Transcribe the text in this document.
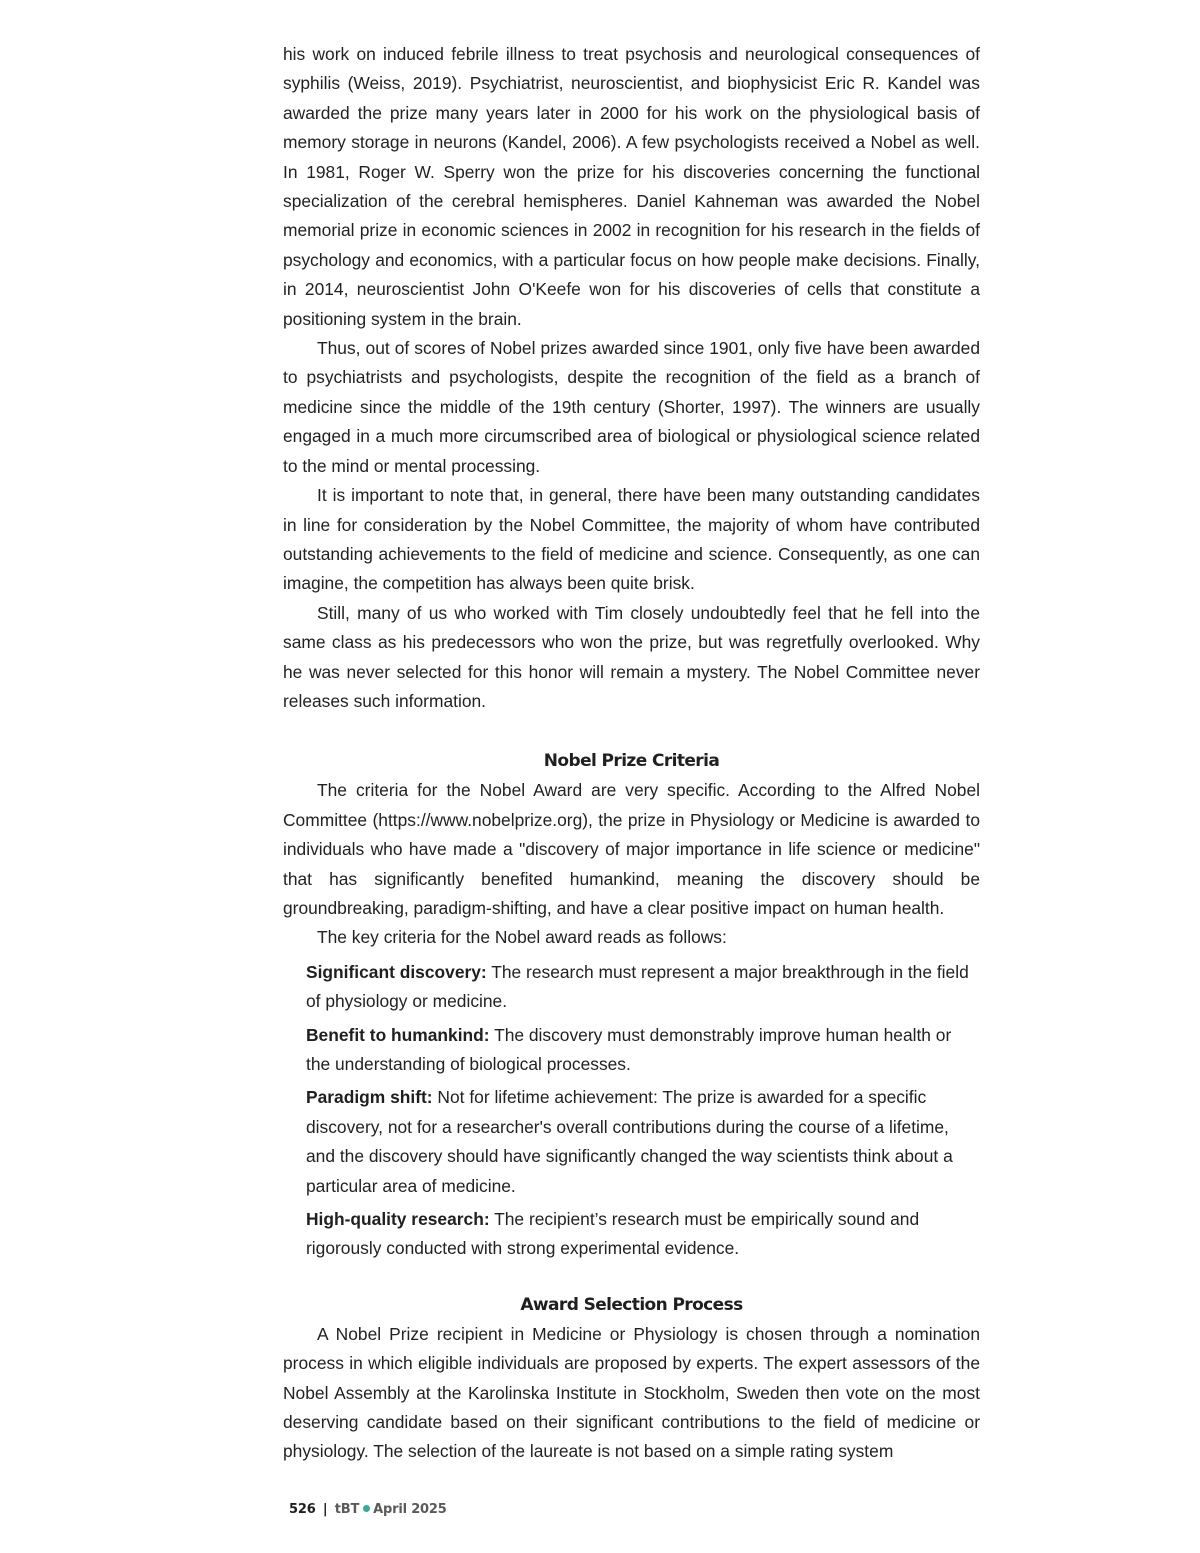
his work on induced febrile illness to treat psychosis and neurological consequences of syphilis (Weiss, 2019). Psychiatrist, neuroscientist, and biophysicist Eric R. Kandel was awarded the prize many years later in 2000 for his work on the physiological basis of memory storage in neurons (Kandel, 2006). A few psychologists received a Nobel as well. In 1981, Roger W. Sperry won the prize for his discoveries concerning the functional specialization of the cerebral hemispheres. Daniel Kahneman was awarded the Nobel memorial prize in economic sciences in 2002 in recognition for his research in the fields of psychology and economics, with a particular focus on how people make decisions. Finally, in 2014, neuroscientist John O'Keefe won for his discoveries of cells that constitute a positioning system in the brain.

Thus, out of scores of Nobel prizes awarded since 1901, only five have been awarded to psychiatrists and psychologists, despite the recognition of the field as a branch of medicine since the middle of the 19th century (Shorter, 1997). The winners are usually engaged in a much more circumscribed area of biological or physiological science related to the mind or mental processing.

It is important to note that, in general, there have been many outstanding candidates in line for consideration by the Nobel Committee, the majority of whom have contributed outstanding achievements to the field of medicine and science. Consequently, as one can imagine, the competition has always been quite brisk.

Still, many of us who worked with Tim closely undoubtedly feel that he fell into the same class as his predecessors who won the prize, but was regretfully overlooked. Why he was never selected for this honor will remain a mystery. The Nobel Committee never releases such information.

Nobel Prize Criteria

The criteria for the Nobel Award are very specific. According to the Alfred Nobel Committee (https://www.nobelprize.org), the prize in Physiology or Medicine is awarded to individuals who have made a "discovery of major importance in life science or medicine" that has significantly benefited humankind, meaning the discovery should be groundbreaking, paradigm-shifting, and have a clear positive impact on human health.

The key criteria for the Nobel award reads as follows:

Significant discovery: The research must represent a major breakthrough in the field of physiology or medicine.
Benefit to humankind: The discovery must demonstrably improve human health or the understanding of biological processes.
Paradigm shift: Not for lifetime achievement: The prize is awarded for a specific discovery, not for a researcher's overall contributions during the course of a lifetime, and the discovery should have significantly changed the way scientists think about a particular area of medicine.
High-quality research: The recipient’s research must be empirically sound and rigorously conducted with strong experimental evidence.
Award Selection Process

A Nobel Prize recipient in Medicine or Physiology is chosen through a nomination process in which eligible individuals are proposed by experts. The expert assessors of the Nobel Assembly at the Karolinska Institute in Stockholm, Sweden then vote on the most deserving candidate based on their significant contributions to the field of medicine or physiology. The selection of the laureate is not based on a simple rating system

526 | tBT April 2025
